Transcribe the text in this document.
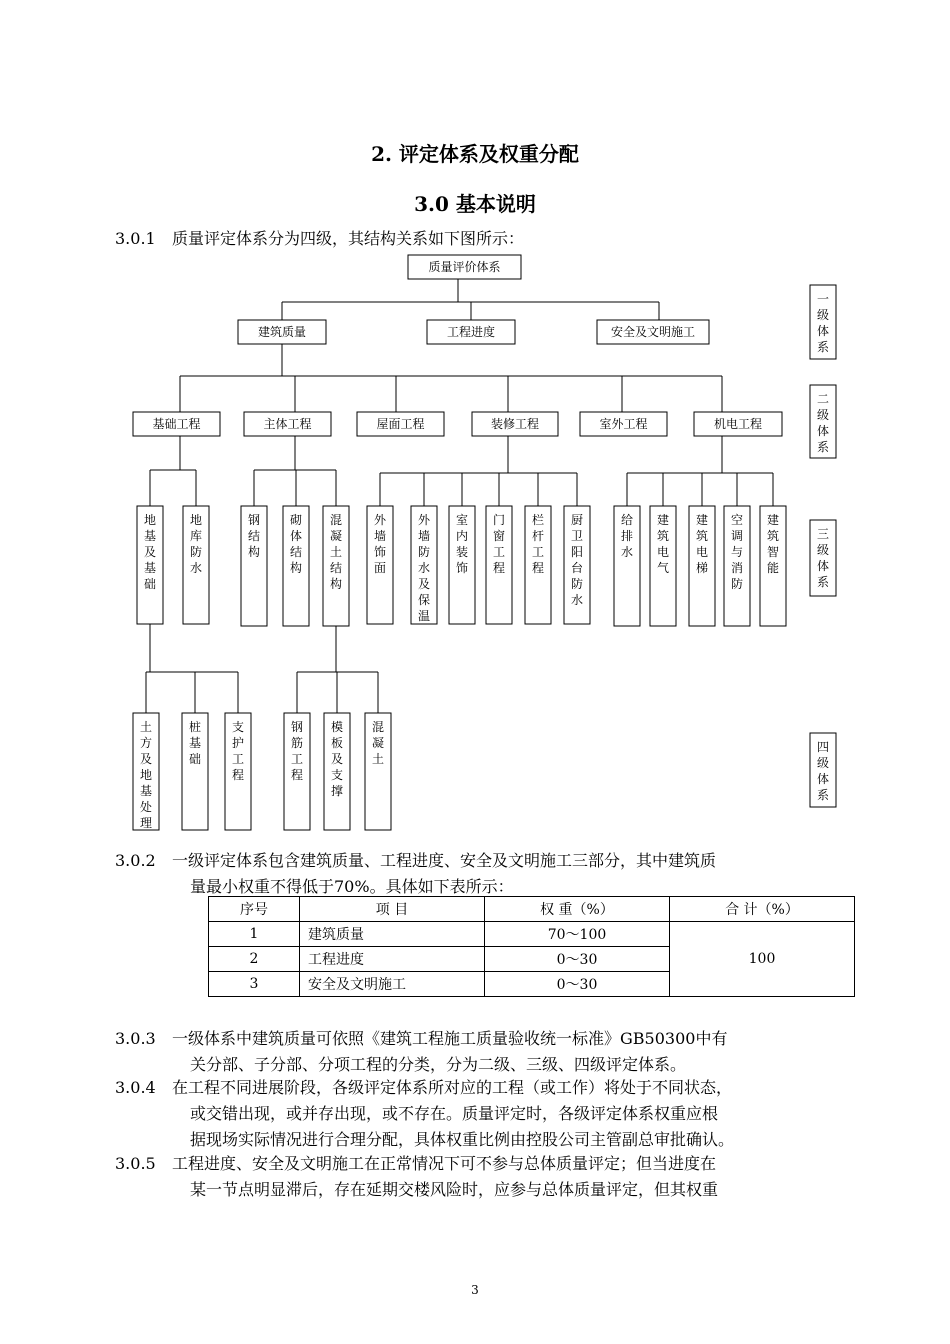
2. 评定体系及权重分配
3.0 基本说明
3.0.1	质量评定体系分为四级，其结构关系如下图所示：
质量评价体系
建筑质量	工程进度	安全及文明施工
基础工程	主体工程	屋面工程	装修工程	室外工程	机电工程
地基及基础
地库防水
钢结构
砌体结构
混凝土结构
外墙饰面
外墙防水及保温
室内装饰
门窗工程
栏杆工程
厨卫阳台防水
给排水
建筑电气
建筑电梯
空调与消防
建筑智能
土方及地基处理
桩基础
支护工程
钢筋工程
模板及支撑
混凝土
一级体系
二级体系
三级体系
四级体系
3.0.2	一级评定体系包含建筑质量、工程进度、安全及文明施工三部分，其中建筑质
量最小权重不得低于70%。具体如下表所示：
序号	项 目	权 重（%）	合 计（%）
1	建筑质量	70～100	100
2	工程进度	0～30	
3	安全及文明施工	0～30	
3.0.3	一级体系中建筑质量可依照《建筑工程施工质量验收统一标准》GB50300中有
关分部、子分部、分项工程的分类，分为二级、三级、四级评定体系。
3.0.4	在工程不同进展阶段，各级评定体系所对应的工程（或工作）将处于不同状态，
或交错出现，或并存出现，或不存在。质量评定时，各级评定体系权重应根
据现场实际情况进行合理分配，具体权重比例由控股公司主管副总审批确认。
3.0.5	工程进度、安全及文明施工在正常情况下可不参与总体质量评定；但当进度在
某一节点明显滞后，存在延期交楼风险时，应参与总体质量评定，但其权重
3
